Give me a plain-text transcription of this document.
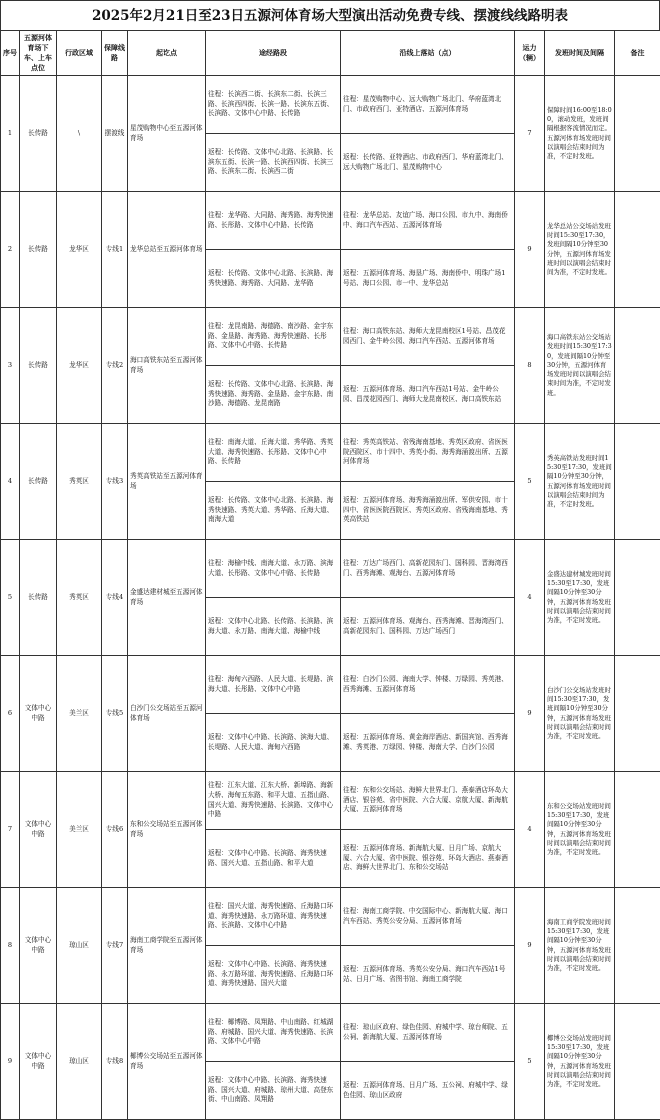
2025年2月21日至23日五源河体育场大型演出活动免费专线、摆渡线线路明表
序号	五源河体育场下车、上车点位	行政区域	保障线路	起讫点	途经路段	沿线上落站（点）	运力（辆）	发班时间及间隔	备注
1	长传路	\	摆渡线	星茂购物中心至五源河体育场	往程：长滨西二街、长滨东二街、长滨三路、长滨西四街、长滨一路、长滨东五街、长滨路、文体中心中路、长传路	往程：星茂购物中心、远大购物广场北门、华府蓝湾北门、市政府西门、亚特酒店、五源河体育场	7	保障时间16:00至18:00，滚动发班，发班间隔根据客流情况而定。五源河体育场发班时间以演唱会结束时间为准，不定时发班。	
					返程：长传路、文体中心北路、长滨路、长滨东五街、长滨一路、长滨西四街、长滨三路、长滨东二街、长滨西二街	返程：长传路、亚特酒店、市政府西门、华府蓝湾北门、远大购物广场北门、星茂购物中心			
2	长传路	龙华区	专线1	龙华总站至五源河体育场	往程：龙华路、大同路、海秀路、海秀快速路、长彤路、文体中心中路、长传路	往程：龙华总站、友谊广场、海口公园、市九中、海南侨中、海口汽车西站、五源河体育场	9	龙华总站公交场站发班时间15:30至17:30，发班间隔10分钟至30分钟，五源河体育场发班时间以演唱会结束时间为准，不定时发班。	
					返程：长传路、文体中心北路、长滨路、海秀快速路、海秀路、大同路、龙华路	返程：五源河体育场、海垦广场、海南侨中、明珠广场1号站、海口公园、市一中、龙华总站			
3	长传路	龙华区	专线2	海口高铁东站至五源河体育场	往程：龙昆南路、海德路、南沙路、金宇东路、金垦路、海秀路、海秀快速路、长彤路、文体中心中路、长传路	往程：海口高铁东站、海师大龙昆南校区1号站、昌茂花园西门、金牛岭公园、海口汽车西站、五源河体育场	8	海口高铁东站公交场站发班时间15:30至17:30，发班间隔10分钟至30分钟，五源河体育场发班时间以演唱会结束时间为准，不定时发班。	
					返程：长传路、文体中心北路、长滨路、海秀快速路、海秀路、金垦路、金宇东路、南沙路、海德路、龙昆南路	返程：五源河体育场、海口汽车西站1号站、金牛岭公园、昌茂花园西门、海师大龙昆南校区、海口高铁东站			
4	长传路	秀英区	专线3	秀英高铁站至五源河体育场	往程：南海大道、丘海大道、秀华路、秀英大道、海秀快速路、长彤路、文体中心中路、长传路	往程：秀英高铁站、省残海南基地、秀英区政府、省医医院西院区、市十四中、秀英小街、海秀海涌渡出所、五源河体育场	5	秀英高铁站发班时间15:30至17:30，发班间隔10分钟至30分钟，五源河体育场发班时间以演唱会结束时间为准，不定时发班。	
					返程：长传路、文体中心北路、长滨路、海秀快速路、秀英大道、秀华路、丘海大道、南海大道	返程：五源河体育场、海秀海涌渡出所、军供安园、市十四中、省医医院西院区、秀英区政府、省残海南基地、秀英高铁站			
5	长传路	秀英区	专线4	金盛达建材城至五源河体育场	往程：海榆中线、南海大道、永万路、滨海大道、长彤路、文体中心中路、长传路	往程：万达广场西门、高新花园东门、国科园、晋海湾西门、西秀海滩、观海台、五源河体育场	4	金盛达建材城发班时间15:30至17:30，发班间隔10分钟至30分钟，五源河体育场发班时间以演唱会结束时间为准，不定时发班。	
					返程：文体中心北路、长传路、长滨路、滨海大道、永万路、南海大道、海榆中线	返程：五源河体育场、观海台、西秀海滩、晋海湾西门、高新花园东门、国科园、万达广场西门			
6	文体中心中路	美兰区	专线5	白沙门公交场站至五源河体育场	往程：海甸六西路、人民大道、长堤路、滨海大道、长彤路、文体中心中路	往程：白沙门公园、海南大学、钟楼、万绿园、秀英港、西秀海滩、五源河体育场	9	白沙门公交场站发班时间15:30至17:30，发班间隔10分钟至30分钟，五源河体育场发班时间以演唱会结束时间为准，不定时发班。	
					返程：文体中心中路、长滨路、滨海大道、长堤路、人民大道、海甸六西路	返程：五源河体育场、黄金海岸酒店、新国宾馆、西秀海滩、秀英港、万绿园、钟楼、海南大学、白沙门公园			
7	文体中心中路	美兰区	专线6	东和公交场站至五源河体育场	往程：江东大道、江东大桥、新埠路、海新大桥、海甸五东路、和平大道、五指山路、国兴大道、海秀快速路、长滨路、文体中心中路	往程：东和公交场站、海鲜大世界北门、燕泰酒店环岛大酒店、银谷苑、省中医院、六合大厦、京航大厦、新海航大厦、五源河体育场	4	东和公交场站发班时间15:30至17:30，发班间隔10分钟至30分钟，五源河体育场发班时间以演唱会结束时间为准，不定时发班。	
					返程：文体中心中路、长滨路、海秀快速路、国兴大道、五指山路、和平大道	返程：五源河体育场、新海航大厦、日月广场、京航大厦、六合大厦、省中医院、银谷苑、环岛大酒店、燕泰酒店、海鲜大世界北门、东和公交场站			
8	文体中心中路	琼山区	专线7	海南工商学院至五源河体育场	往程：国兴大道、海秀快速路、丘海路口环道、海秀快速路、永万路环道、海秀快速路、长滨路、文体中心中路	往程：海南工商学院、中交国际中心、新海航大厦、海口汽车西站、秀英公安分局、五源河体育场	9	海南工商学院发班时间15:30至17:30，发班间隔10分钟至30分钟，五源河体育场发班时间以演唱会结束时间为准，不定时发班。	
					返程：文体中心中路、长滨路、海秀快速路、永万路环道、海秀快速路、丘海路口环道、海秀快速路、国兴大道	返程：五源河体育场、秀英公安分局、海口汽车西站1号站、日月广场、省图书馆、海南工商学院			
9	文体中心中路	琼山区	专线8	椰博公交场站至五源河体育场	往程：椰博路、凤翔路、中山南路、红城湖路、府城路、国兴大道、海秀快速路、长滨路、文体中心中路	往程：琼山区政府、绿色佳园、府城中学、琼台师院、五公祠、新海航大厦、五源河体育场	5	椰博公交场站发班时间15:30至17:30，发班间隔10分钟至30分钟，五源河体育场发班时间以演唱会结束时间为准，不定时发班。	
					返程：文体中心中路、长滨路、海秀快速路、国兴大道、府城路、琼州大道、高登东街、中山南路、凤翔路	返程：五源河体育场、日月广场、五公祠、府城中学、绿色佳园、琼山区政府			
